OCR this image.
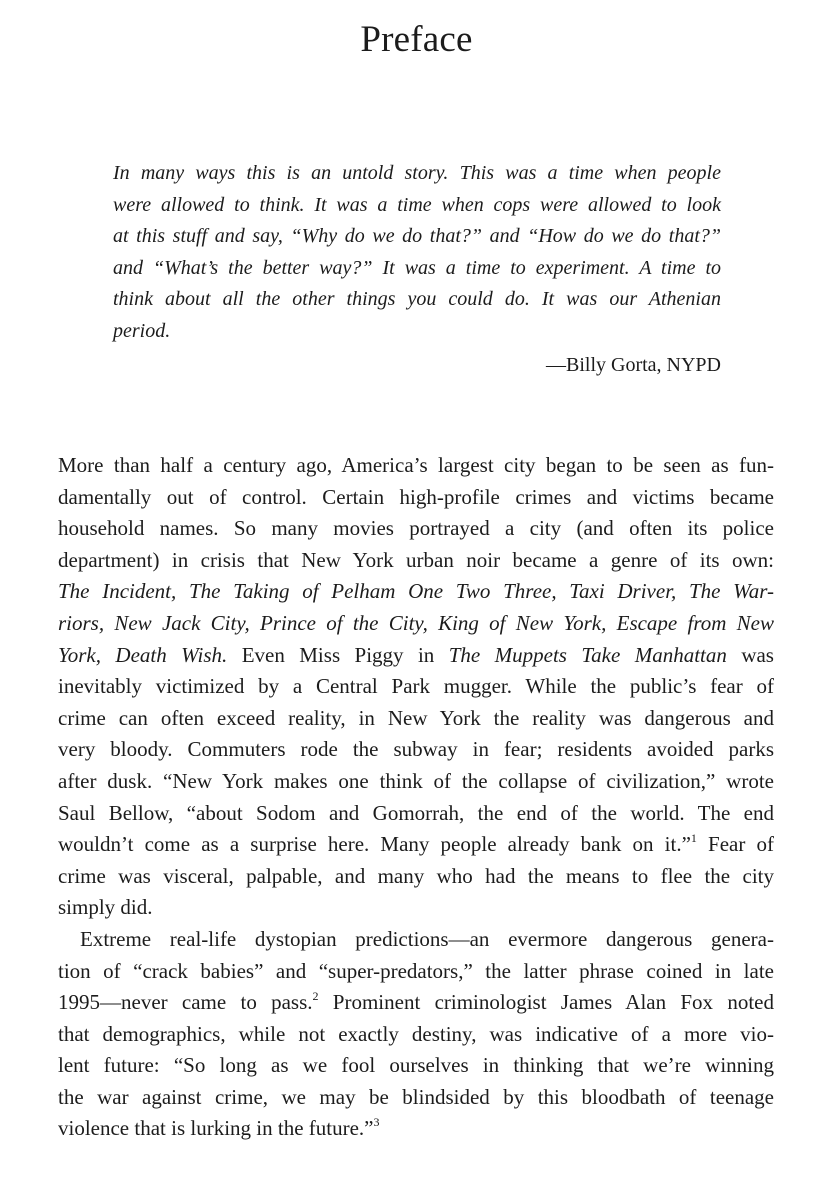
Preface
In many ways this is an untold story. This was a time when people
were allowed to think. It was a time when cops were allowed to look
at this stuff and say, “Why do we do that?” and “How do we do that?”
and “What’s the better way?” It was a time to experiment. A time to
think about all the other things you could do. It was our Athenian
period.
—Billy Gorta, NYPD
More than half a century ago, America’s largest city began to be seen as fun-
damentally out of control. Certain high-profile crimes and victims became
household names. So many movies portrayed a city (and often its police
department) in crisis that New York urban noir became a genre of its own:
The Incident, The Taking of Pelham One Two Three, Taxi Driver, The War-
riors, New Jack City, Prince of the City, King of New York, Escape from New
York, Death Wish. Even Miss Piggy in The Muppets Take Manhattan was
inevitably victimized by a Central Park mugger. While the public’s fear of
crime can often exceed reality, in New York the reality was dangerous and
very bloody. Commuters rode the subway in fear; residents avoided parks
after dusk. “New York makes one think of the collapse of civilization,” wrote
Saul Bellow, “about Sodom and Gomorrah, the end of the world. The end
wouldn’t come as a surprise here. Many people already bank on it.”$^1$ Fear of
crime was visceral, palpable, and many who had the means to flee the city
simply did.
Extreme real-life dystopian predictions—an evermore dangerous genera-
tion of “crack babies” and “super-predators,” the latter phrase coined in late
1995—never came to pass.$^2$ Prominent criminologist James Alan Fox noted
that demographics, while not exactly destiny, was indicative of a more vio-
lent future: “So long as we fool ourselves in thinking that we’re winning
the war against crime, we may be blindsided by this bloodbath of teenage
violence that is lurking in the future.”$^3$
